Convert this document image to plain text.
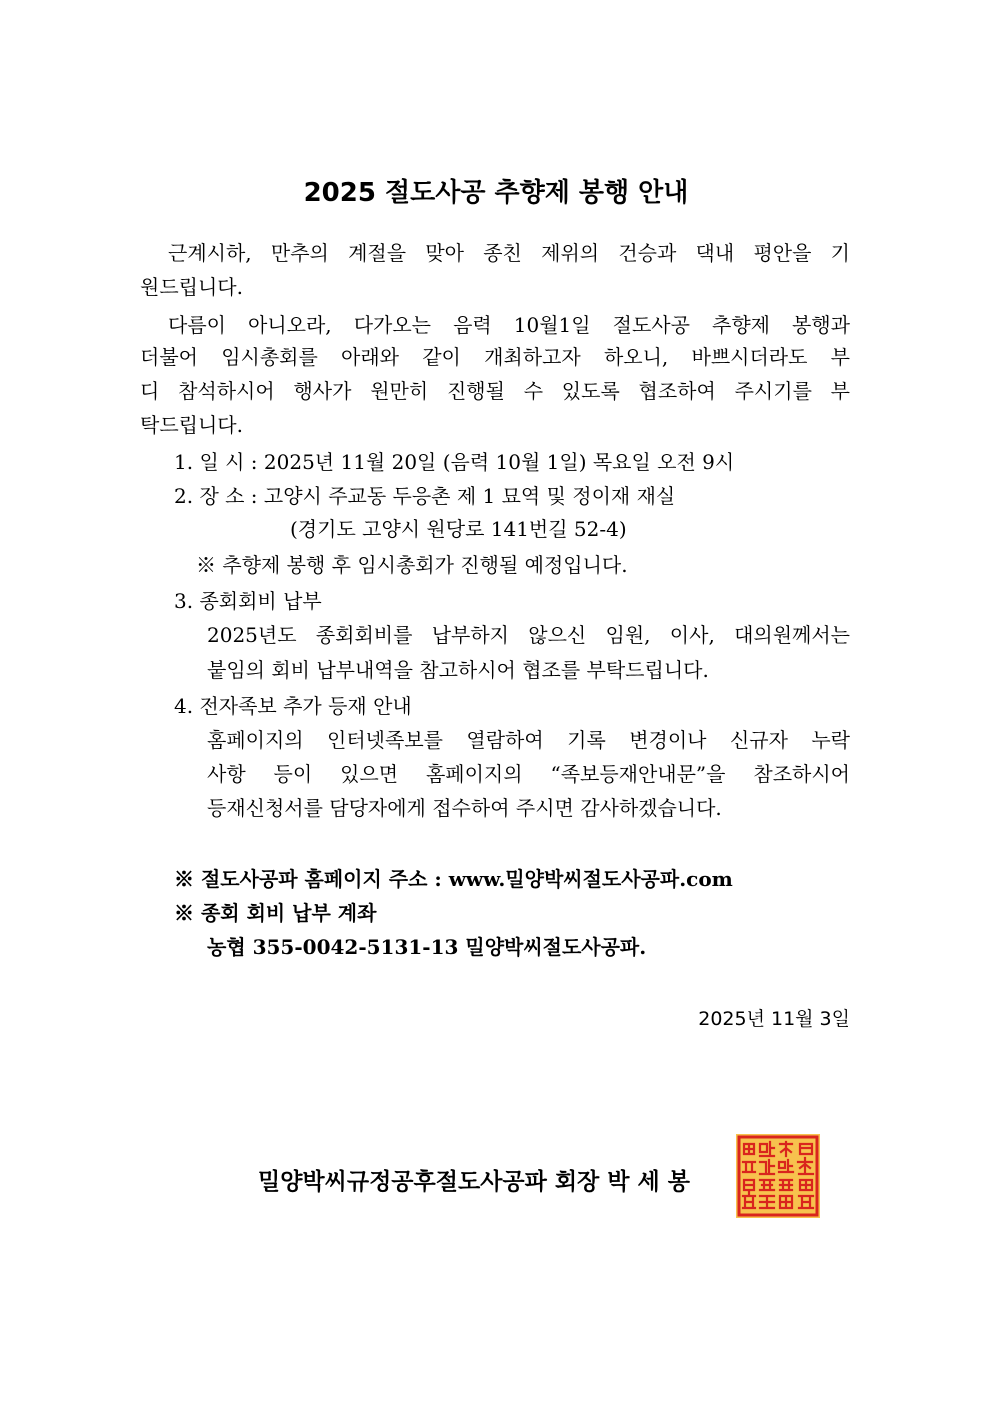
2025 절도사공 추향제 봉행 안내
근계시하, 만추의 계절을 맞아 종친 제위의 건승과 댁내 평안을 기
원드립니다.
다름이 아니오라, 다가오는 음력 10월1일 절도사공 추향제 봉행과
더불어 임시총회를 아래와 같이 개최하고자 하오니, 바쁘시더라도 부
디 참석하시어 행사가 원만히 진행될 수 있도록 협조하여 주시기를 부
탁드립니다.
1. 일 시 : 2025년 11월 20일 (음력 10월 1일) 목요일 오전 9시
2. 장 소 : 고양시 주교동 두응촌 제 1 묘역 및 정이재 재실
(경기도 고양시 원당로 141번길 52-4)
※ 추향제 봉행 후 임시총회가 진행될 예정입니다.
3. 종회회비 납부
2025년도 종회회비를 납부하지 않으신 임원, 이사, 대의원께서는
붙임의 회비 납부내역을 참고하시어 협조를 부탁드립니다.
4. 전자족보 추가 등재 안내
홈페이지의 인터넷족보를 열람하여 기록 변경이나 신규자 누락
사항 등이 있으면 홈페이지의 “족보등재안내문”을 참조하시어
등재신청서를 담당자에게 접수하여 주시면 감사하겠습니다.
※ 절도사공파 홈페이지 주소 : www.밀양박씨절도사공파.com
※ 종회 회비 납부 계좌
농협 355-0042-5131-13 밀양박씨절도사공파.
2025년 11월 3일
밀양박씨규정공후절도사공파 회장 박 세 봉
